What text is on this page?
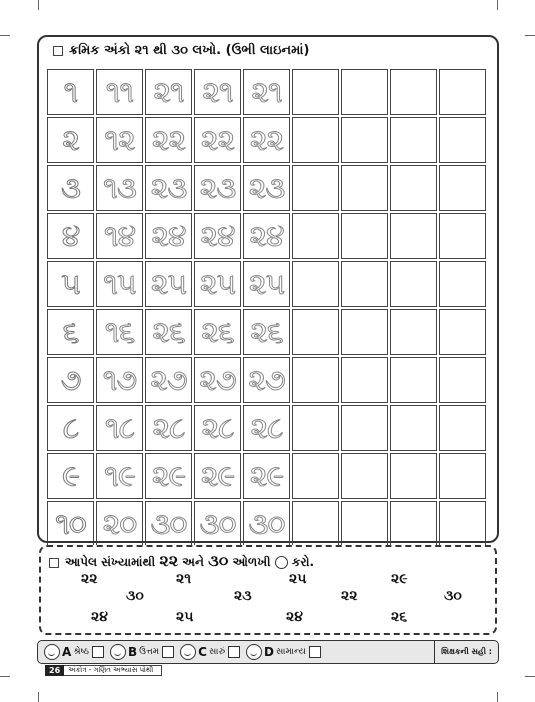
ક્રમિક અંકો ૨૧ થી ૩૦ લખો. (ઉભી લાઇનમાં)
૧ ૧૧ ૨૧ ૨૧ ૨૧
૨ ૧૨ ૨૨ ૨૨ ૨૨
૩ ૧૩ ૨૩ ૨૩ ૨૩
૪ ૧૪ ૨૪ ૨૪ ૨૪
૫ ૧૫ ૨૫ ૨૫ ૨૫
૬ ૧૬ ૨૬ ૨૬ ૨૬
૭ ૧૭ ૨૭ ૨૭ ૨૭
૮ ૧૮ ૨૮ ૨૮ ૨૮
૯ ૧૯ ૨૯ ૨૯ ૨૯
૧૦ ૨૦ ૩૦ ૩૦ ૩૦
આપેલ સંખ્યામાંથી ૨૨ અને ૩૦ ઓળખી કરો.
૨૨	૨૧	૨૫	૨૯
૩૦	૨૩	૨૨	૩૦
૨૪	૨૫	૨૪	૨૬
A શ્રેષ્ઠ	B ઉત્તમ	C સારું	D સામાન્ય	શિક્ષકની સહી :
26	અંકોત્ર - ગણિત અભ્યાસ પોથી
